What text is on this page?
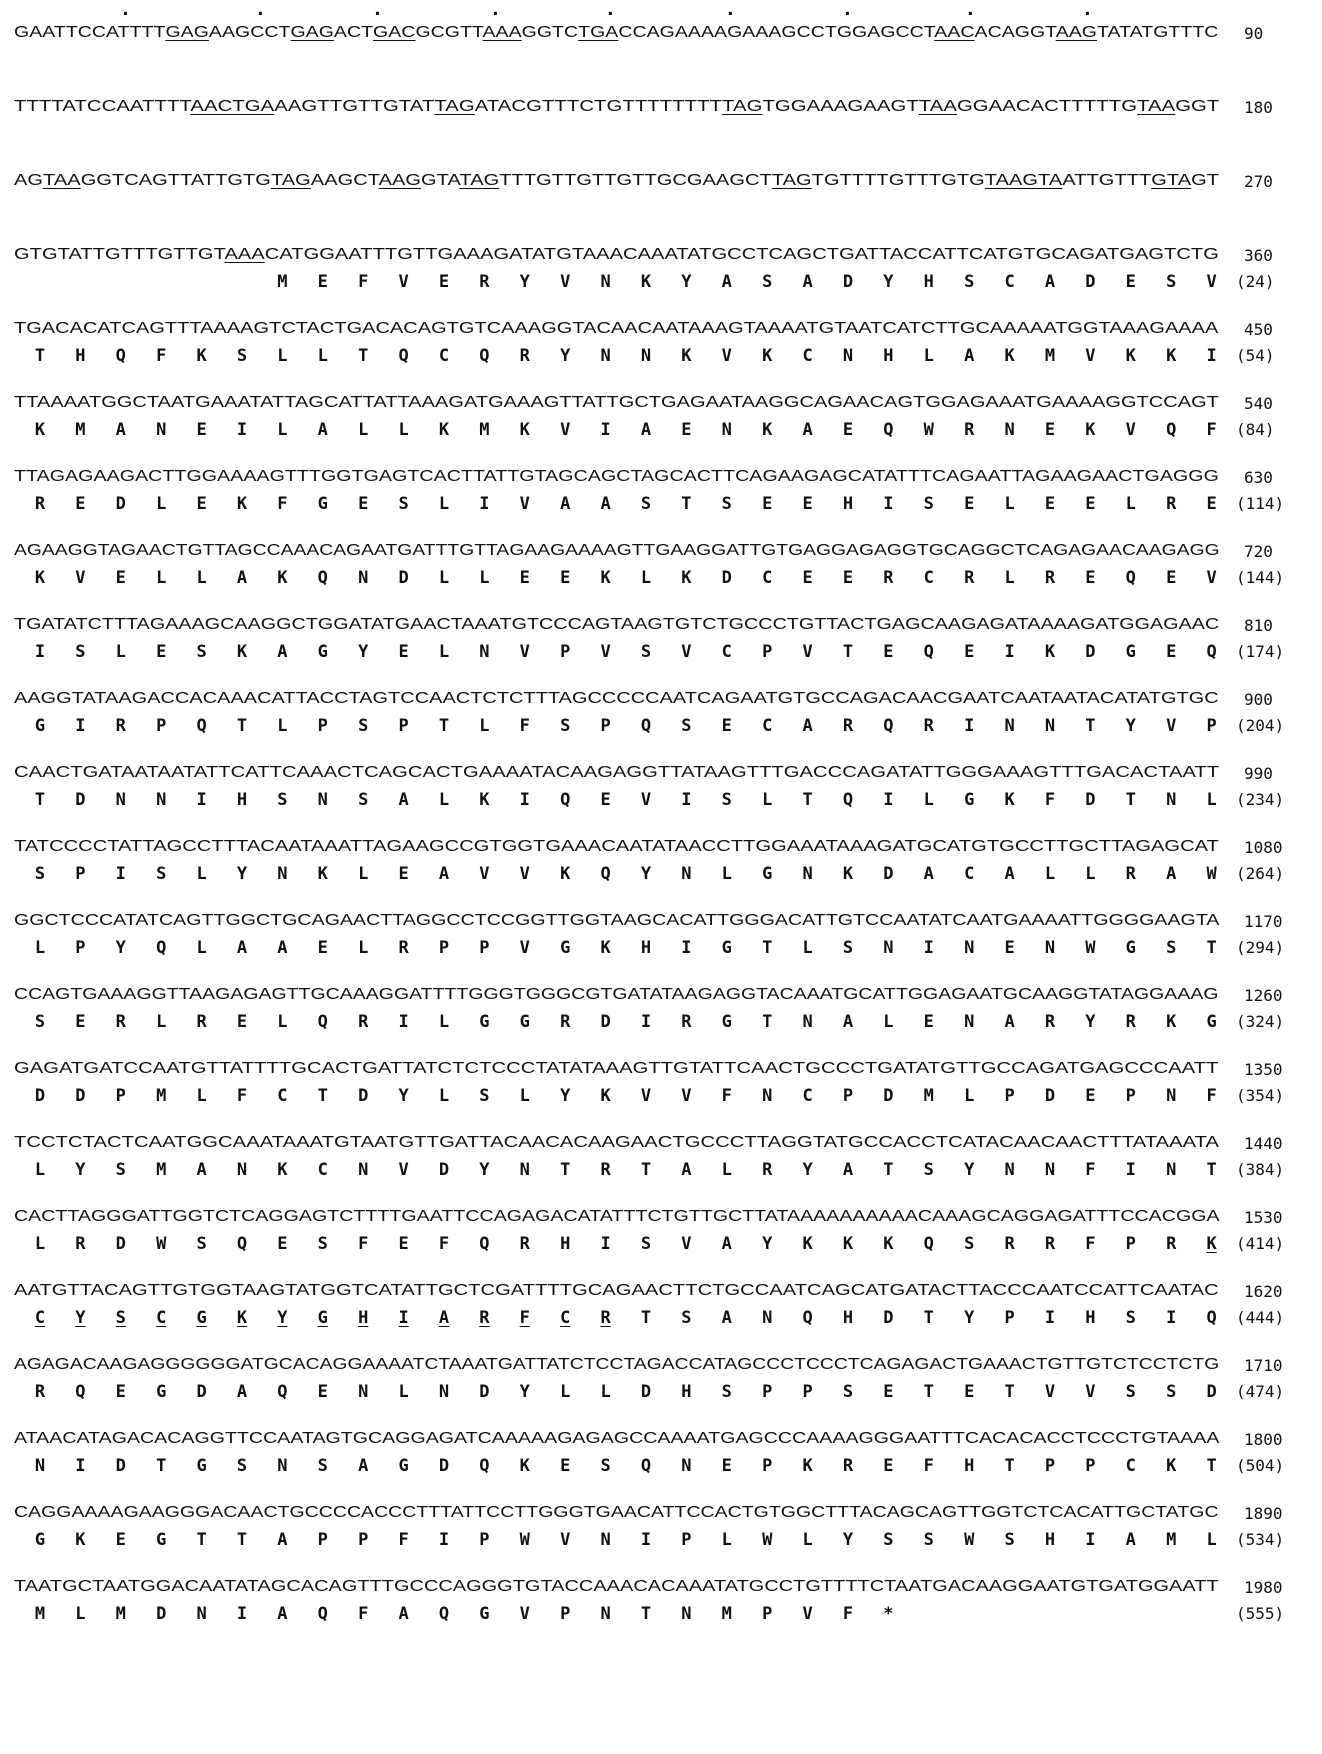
.	.	.	.	.	.	.	.	.
GAATTCCATTTTGAGAAGCCTGAGACTGACGCGTTAAAGGTCTGACCAGAAAAGAAAGCCTGGAGCCTAACACAGGTAAGTATATGTTTC 90
TTTTATCCAATTTTAACTGAAAGTTGTTGTATTAGATACGTTTCTGTTTTTTTTTAGTGGAAAGAAGTTAAGGAACACTTTTTGTAAGGT 180
AGTAAGGTCAGTTATTGTGTAGAAGCTAAGGTATAGTTTGTTGTTGTTGCGAAGCTTAGTGTTTTGTTTGTGTAAGTAATTGTTTGTAGT 270
GTGTATTGTTTGTTGTAAACATGGAATTTGTTGAAAGATATGTAAACAAATATGCCTCAGCTGATTACCATTCATGTGCAGATGAGTCTG 360
M E F V E R Y V N K Y A S A D Y H S C A D E S V	(24)
TGACACATCAGTTTAAAAGTCTACTGACACAGTGTCAAAGGTACAACAATAAAGTAAAATGTAATCATCTTGCAAAAATGGTAAAGAAAA 450
T H Q F K S L L T Q C Q R Y N N K V K C N H L A K M V K K I	(54)
TTAAAATGGCTAATGAAATATTAGCATTATTAAAGATGAAAGTTATTGCTGAGAATAAGGCAGAACAGTGGAGAAATGAAAAGGTCCAGT 540
K M A N E I L A L L K M K V I A E N K A E Q W R N E K V Q F	(84)
TTAGAGAAGACTTGGAAAAGTTTGGTGAGTCACTTATTGTAGCAGCTAGCACTTCAGAAGAGCATATTTCAGAATTAGAAGAACTGAGGG 630
R E D L E K F G E S L I V A A S T S E E H I S E L E E L R E	(114)
AGAAGGTAGAACTGTTAGCCAAACAGAATGATTTGTTAGAAGAAAAGTTGAAGGATTGTGAGGAGAGGTGCAGGCTCAGAGAACAAGAGG 720
K V E L L A K Q N D L L E E K L K D C E E R C R L R E Q E V	(144)
TGATATCTTTAGAAAGCAAGGCTGGATATGAACTAAATGTCCCAGTAAGTGTCTGCCCTGTTACTGAGCAAGAGATAAAAGATGGAGAAC 810
I S L E S K A G Y E L N V P V S V C P V T E Q E I K D G E Q	(174)
AAGGTATAAGACCACAAACATTACCTAGTCCAACTCTCTTTAGCCCCCAATCAGAATGTGCCAGACAACGAATCAATAATACATATGTGC 900
G I R P Q T L P S P T L F S P Q S E C A R Q R I N N T Y V P	(204)
CAACTGATAATAATATTCATTCAAACTCAGCACTGAAAATACAAGAGGTTATAAGTTTGACCCAGATATTGGGAAAGTTTGACACTAATT 990
T D N N I H S N S A L K I Q E V I S L T Q I L G K F D T N L	(234)
TATCCCCTATTAGCCTTTACAATAAATTAGAAGCCGTGGTGAAACAATATAACCTTGGAAATAAAGATGCATGTGCCTTGCTTAGAGCAT 1080
S P I S L Y N K L E A V V K Q Y N L G N K D A C A L L R A W	(264)
GGCTCCCATATCAGTTGGCTGCAGAACTTAGGCCTCCGGTTGGTAAGCACATTGGGACATTGTCCAATATCAATGAAAATTGGGGAAGTA 1170
L P Y Q L A A E L R P P V G K H I G T L S N I N E N W G S T	(294)
CCAGTGAAAGGTTAAGAGAGTTGCAAAGGATTTTGGGTGGGCGTGATATAAGAGGTACAAATGCATTGGAGAATGCAAGGTATAGGAAAG 1260
S E R L R E L Q R I L G G R D I R G T N A L E N A R Y R K G	(324)
GAGATGATCCAATGTTATTTTGCACTGATTATCTCTCCCTATATAAAGTTGTATTCAACTGCCCTGATATGTTGCCAGATGAGCCCAATT 1350
D D P M L F C T D Y L S L Y K V V F N C P D M L P D E P N F	(354)
TCCTCTACTCAATGGCAAATAAATGTAATGTTGATTACAACACAAGAACTGCCCTTAGGTATGCCACCTCATACAACAACTTTATAAATA 1440
L Y S M A N K C N V D Y N T R T A L R Y A T S Y N N F I N T	(384)
CACTTAGGGATTGGTCTCAGGAGTCTTTTGAATTCCAGAGACATATTTCTGTTGCTTATAAAAAAAAAACAAAGCAGGAGATTTCCACGGA 1530
L R D W S Q E S F E F Q R H I S V A Y K K K Q S R R F P R K	(414)
AATGTTACAGTTGTGGTAAGTATGGTCATATTGCTCGATTTTGCAGAACTTCTGCCAATCAGCATGATACTTACCCAATCCATTCAATAC 1620
C Y S C G K Y G H I A R F C R T S A N Q H D T Y P I H S I Q	(444)
AGAGACAAGAGGGGGGATGCACAGGAAAATCTAAATGATTATCTCCTAGACCATAGCCCTCCCTCAGAGACTGAAACTGTTGTCTCCTCTG 1710
R Q E G D A Q E N L N D Y L L D H S P P S E T E T V V S S D	(474)
ATAACATAGACACAGGTTCCAATAGTGCAGGAGATCAAAAAGAGAGCCAAAATGAGCCCAAAAGGGAATTTCACACACCTCCCTGTAAAA 1800
N I D T G S N S A G D Q K E S Q N E P K R E F H T P P C K T	(504)
CAGGAAAAGAAGGGACAACTGCCCCACCCTTTATTCCTTGGGTGAACATTCCACTGTGGCTTTACAGCAGTTGGTCTCACATTGCTATGC 1890
G K E G T T A P P F I P W V N I P L W L Y S S W S H I A M L	(534)
TAATGCTAATGGACAATATAGCACAGTTTGCCCAGGGTGTACCAAACACAAATATGCCTGTTTTCTAATGACAAGGAATGTGATGGAATT 1980
M L M D N I A Q F A Q G V P N T N M P V F *	(555)
